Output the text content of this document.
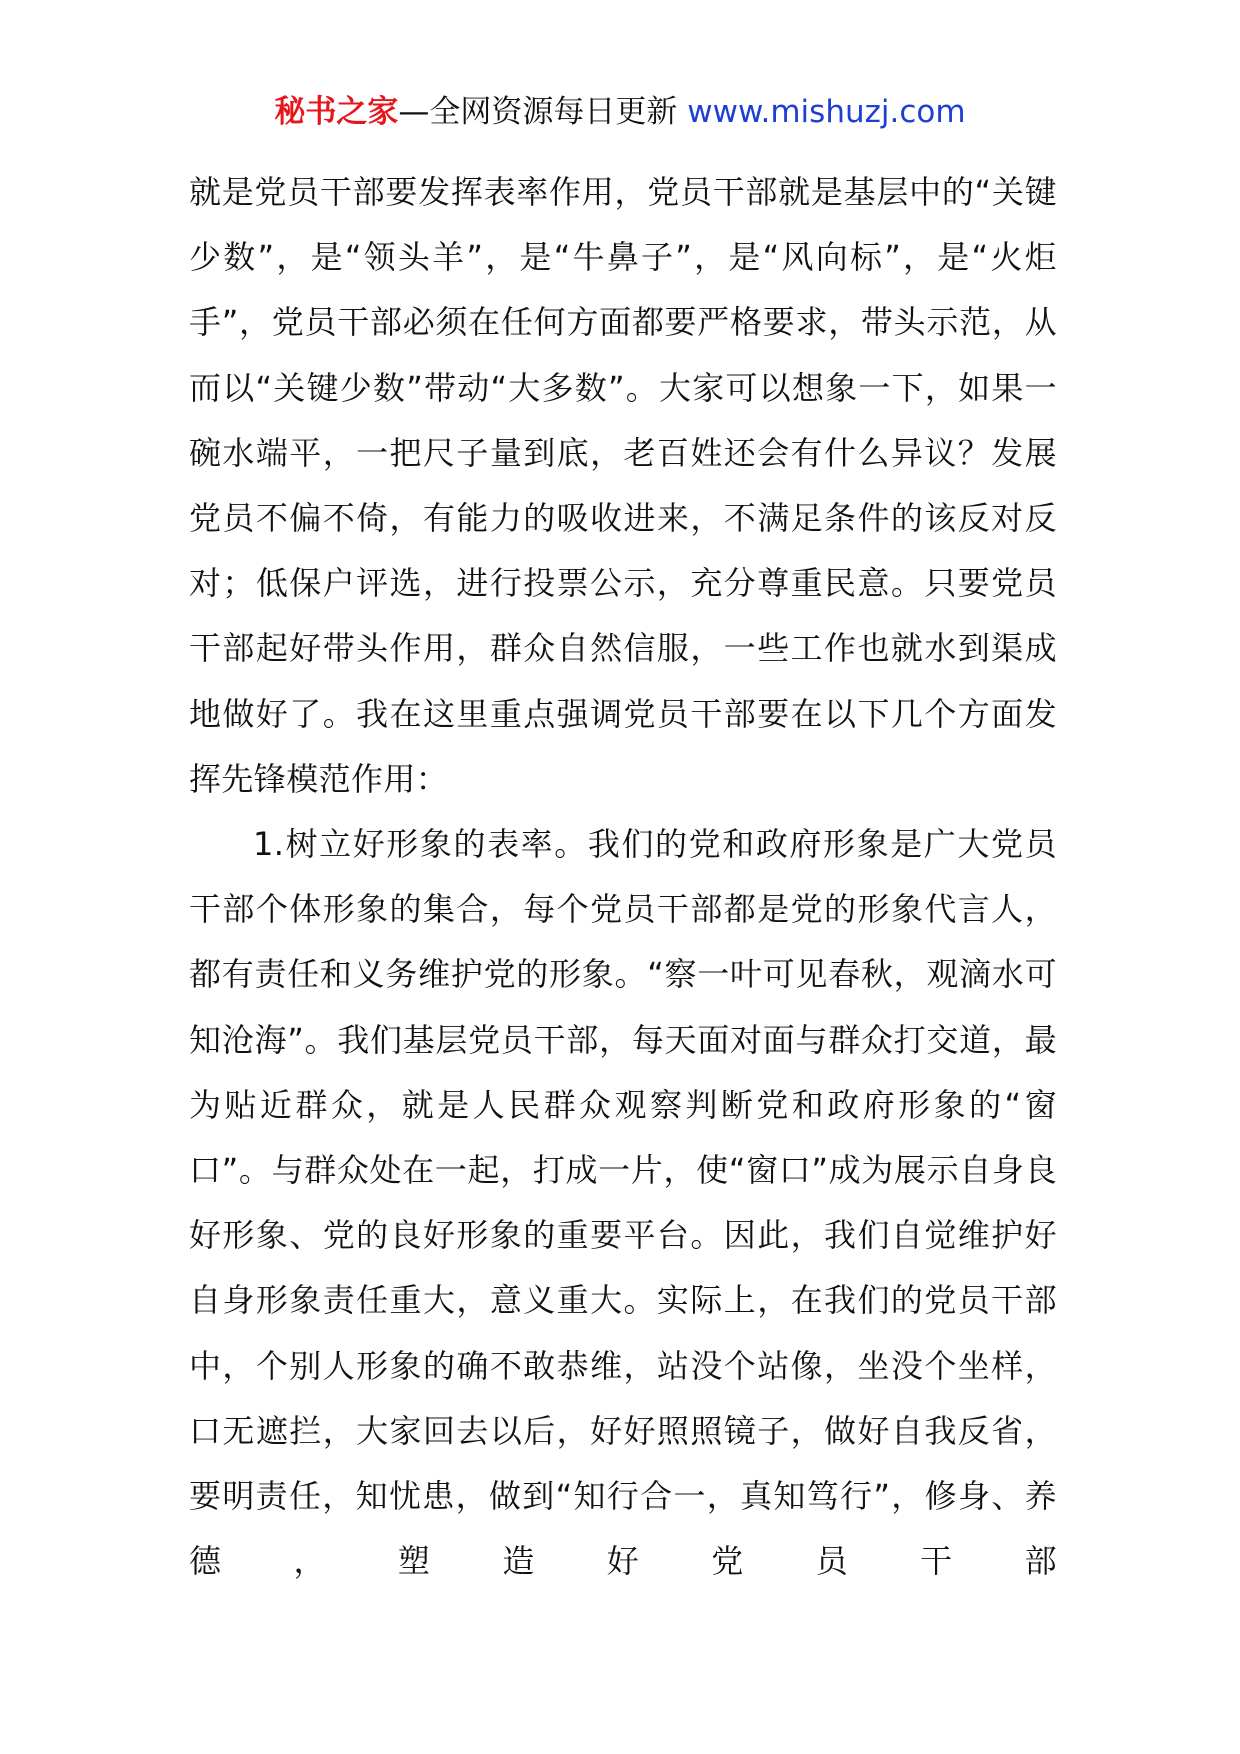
秘书之家—全网资源每日更新 www.mishuzj.com

就是党员干部要发挥表率作用，党员干部就是基层中的“关键少数”，是“领头羊”，是“牛鼻子”，是“风向标”，是“火炬手”，党员干部必须在任何方面都要严格要求，带头示范，从而以“关键少数”带动“大多数”。大家可以想象一下，如果一碗水端平，一把尺子量到底，老百姓还会有什么异议？发展党员不偏不倚，有能力的吸收进来，不满足条件的该反对反对；低保户评选，进行投票公示，充分尊重民意。只要党员干部起好带头作用，群众自然信服，一些工作也就水到渠成地做好了。我在这里重点强调党员干部要在以下几个方面发挥先锋模范作用：

1.树立好形象的表率。我们的党和政府形象是广大党员干部个体形象的集合，每个党员干部都是党的形象代言人，都有责任和义务维护党的形象。“察一叶可见春秋，观滴水可知沧海”。我们基层党员干部，每天面对面与群众打交道，最为贴近群众，就是人民群众观察判断党和政府形象的“窗口”。与群众处在一起，打成一片，使“窗口”成为展示自身良好形象、党的良好形象的重要平台。因此，我们自觉维护好自身形象责任重大，意义重大。实际上，在我们的党员干部中，个别人形象的确不敢恭维，站没个站像，坐没个坐样，口无遮拦，大家回去以后，好好照照镜子，做好自我反省，要明责任，知忧患，做到“知行合一，真知笃行”，修身、养德，塑造好党员干部
